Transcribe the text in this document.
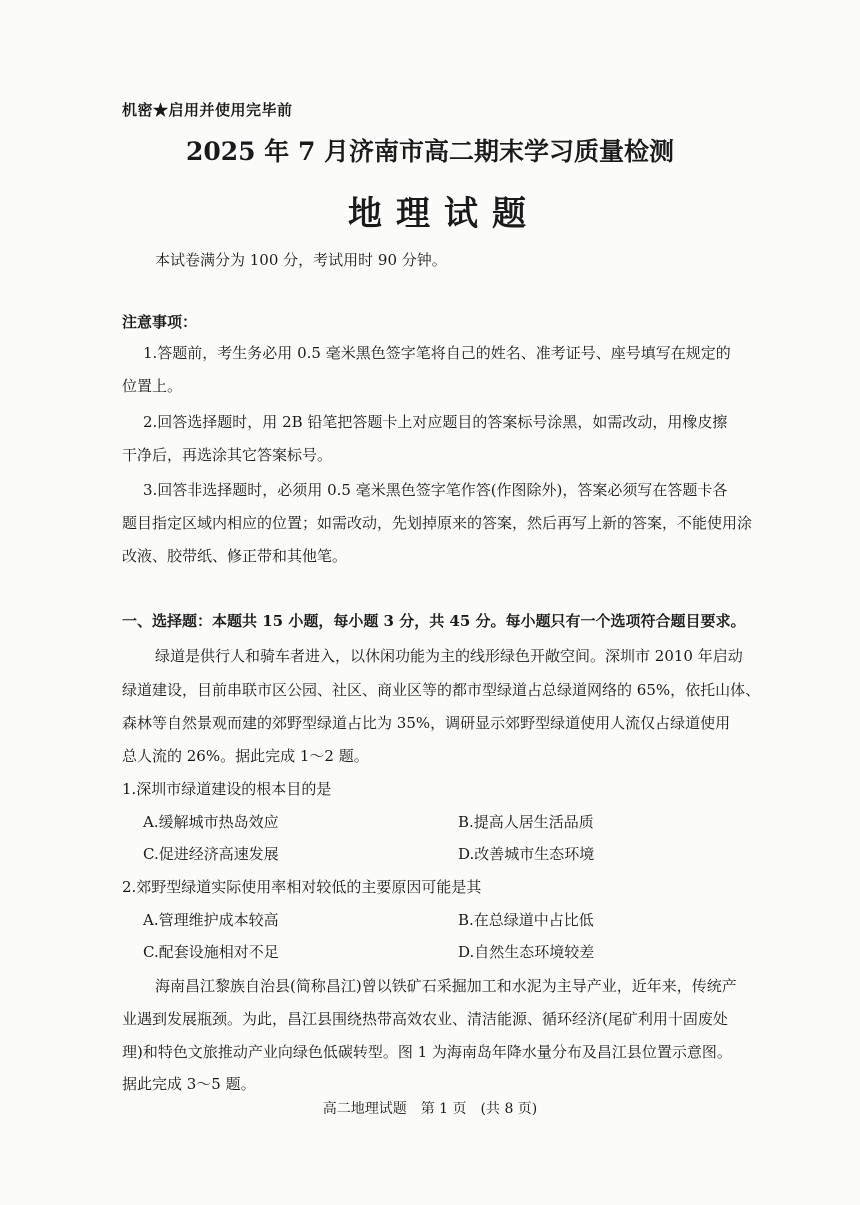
机密★启用并使用完毕前
2025 年 7 月济南市高二期末学习质量检测
地理试题
本试卷满分为 100 分，考试用时 90 分钟。
注意事项：
1.答题前，考生务必用 0.5 毫米黑色签字笔将自己的姓名、准考证号、座号填写在规定的
位置上。
2.回答选择题时，用 2B 铅笔把答题卡上对应题目的答案标号涂黑，如需改动，用橡皮擦
干净后，再选涂其它答案标号。
3.回答非选择题时，必须用 0.5 毫米黑色签字笔作答(作图除外)，答案必须写在答题卡各
题目指定区域内相应的位置；如需改动，先划掉原来的答案，然后再写上新的答案，不能使用涂
改液、胶带纸、修正带和其他笔。
一、选择题：本题共 15 小题，每小题 3 分，共 45 分。每小题只有一个选项符合题目要求。
绿道是供行人和骑车者进入，以休闲功能为主的线形绿色开敞空间。深圳市 2010 年启动
绿道建设，目前串联市区公园、社区、商业区等的都市型绿道占总绿道网络的 65%，依托山体、
森林等自然景观而建的郊野型绿道占比为 35%，调研显示郊野型绿道使用人流仅占绿道使用
总人流的 26%。据此完成 1～2 题。
1.深圳市绿道建设的根本目的是
A.缓解城市热岛效应	B.提高人居生活品质
C.促进经济高速发展	D.改善城市生态环境
2.郊野型绿道实际使用率相对较低的主要原因可能是其
A.管理维护成本较高	B.在总绿道中占比低
C.配套设施相对不足	D.自然生态环境较差
海南昌江黎族自治县(简称昌江)曾以铁矿石采掘加工和水泥为主导产业，近年来，传统产
业遇到发展瓶颈。为此，昌江县围绕热带高效农业、清洁能源、循环经济(尾矿利用十固废处
理)和特色文旅推动产业向绿色低碳转型。图 1 为海南岛年降水量分布及昌江县位置示意图。
据此完成 3～5 题。
高二地理试题　第 1 页　(共 8 页)
